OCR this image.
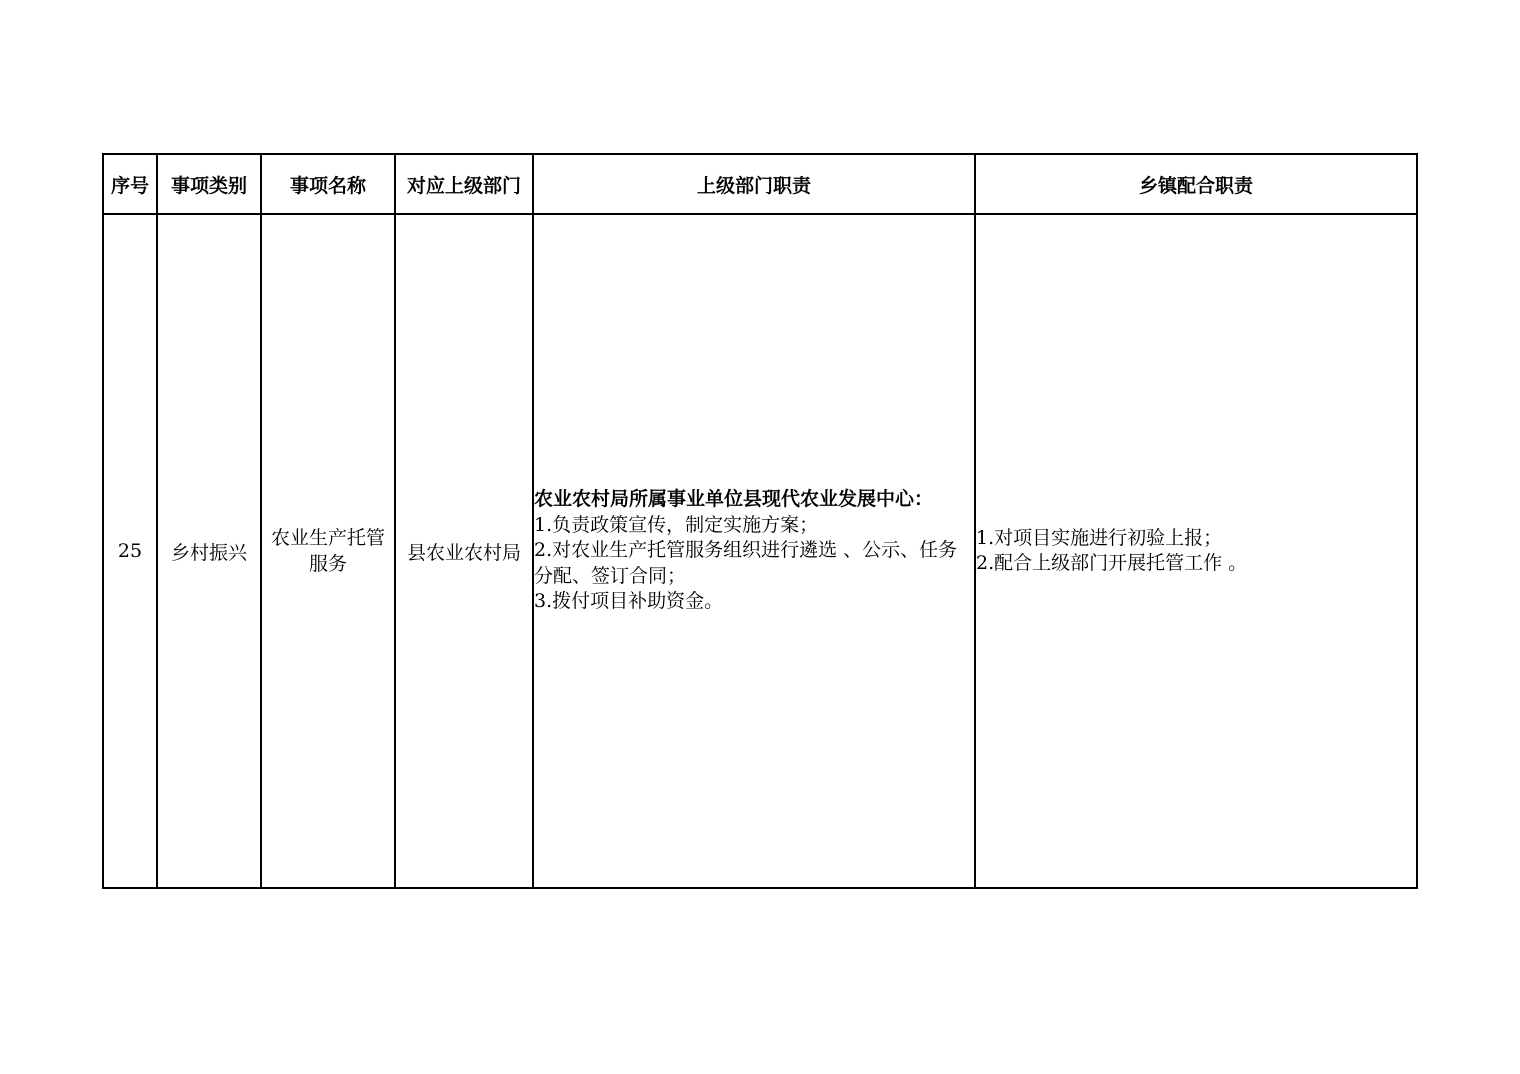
序号	事项类别	事项名称	对应上级部门	上级部门职责	乡镇配合职责
25	乡村振兴	农业生产托管服务	县农业农村局	农业农村局所属事业单位县现代农业发展中心：
1.负责政策宣传，制定实施方案；
2.对农业生产托管服务组织进行遴选 、公示、任务分配、签订合同；
3.拨付项目补助资金。	1.对项目实施进行初验上报；
2.配合上级部门开展托管工作 。
